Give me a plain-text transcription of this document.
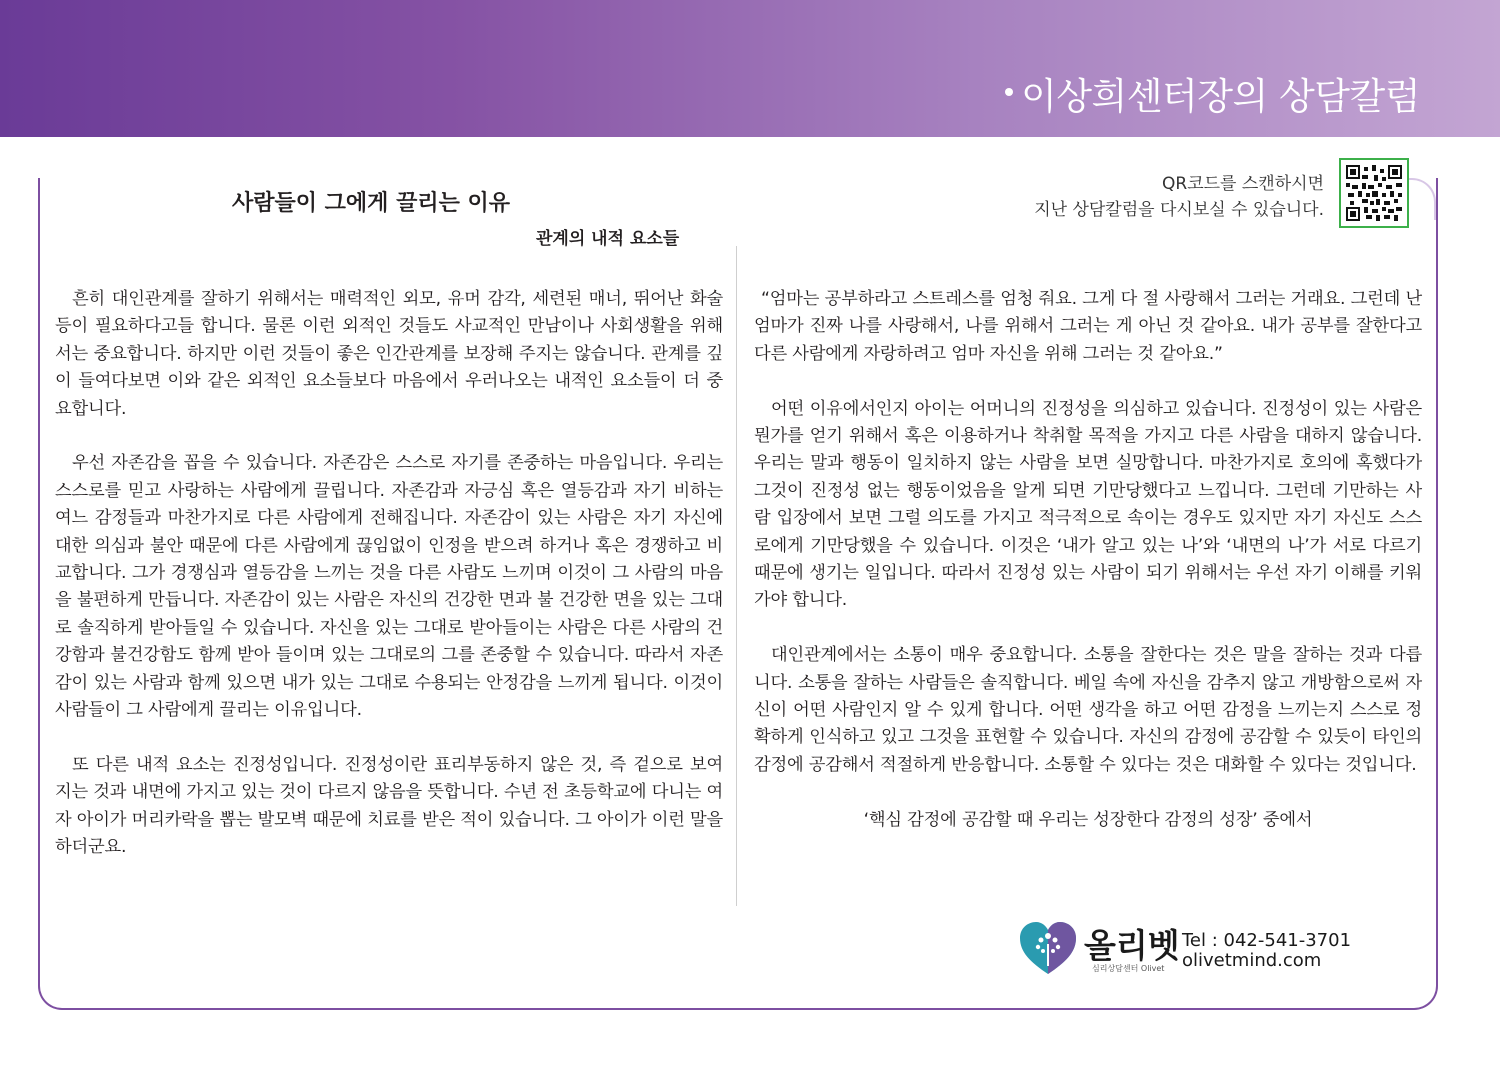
이상희센터장의 상담칼럼
사람들이 그에게 끌리는 이유
관계의 내적 요소들
QR코드를 스캔하시면
지난 상담칼럼을 다시보실 수 있습니다.

흔히 대인관계를 잘하기 위해서는 매력적인 외모, 유머 감각, 세련된 매너, 뛰어난 화술 등이 필요하다고들 합니다. 물론 이런 외적인 것들도 사교적인 만남이나 사회생활을 위해서는 중요합니다. 하지만 이런 것들이 좋은 인간관계를 보장해 주지는 않습니다. 관계를 깊이 들여다보면 이와 같은 외적인 요소들보다 마음에서 우러나오는 내적인 요소들이 더 중요합니다.

우선 자존감을 꼽을 수 있습니다. 자존감은 스스로 자기를 존중하는 마음입니다. 우리는 스스로를 믿고 사랑하는 사람에게 끌립니다. 자존감과 자긍심 혹은 열등감과 자기 비하는 여느 감정들과 마찬가지로 다른 사람에게 전해집니다. 자존감이 있는 사람은 자기 자신에 대한 의심과 불안 때문에 다른 사람에게 끊임없이 인정을 받으려 하거나 혹은 경쟁하고 비교합니다. 그가 경쟁심과 열등감을 느끼는 것을 다른 사람도 느끼며 이것이 그 사람의 마음을 불편하게 만듭니다. 자존감이 있는 사람은 자신의 건강한 면과 불 건강한 면을 있는 그대로 솔직하게 받아들일 수 있습니다. 자신을 있는 그대로 받아들이는 사람은 다른 사람의 건강함과 불건강함도 함께 받아 들이며 있는 그대로의 그를 존중할 수 있습니다. 따라서 자존감이 있는 사람과 함께 있으면 내가 있는 그대로 수용되는 안정감을 느끼게 됩니다. 이것이 사람들이 그 사람에게 끌리는 이유입니다.

또 다른 내적 요소는 진정성입니다. 진정성이란 표리부동하지 않은 것, 즉 겉으로 보여 지는 것과 내면에 가지고 있는 것이 다르지 않음을 뜻합니다. 수년 전 초등학교에 다니는 여자 아이가 머리카락을 뽑는 발모벽 때문에 치료를 받은 적이 있습니다. 그 아이가 이런 말을 하더군요.

“엄마는 공부하라고 스트레스를 엄청 줘요. 그게 다 절 사랑해서 그러는 거래요. 그런데 난 엄마가 진짜 나를 사랑해서, 나를 위해서 그러는 게 아닌 것 같아요. 내가 공부를 잘한다고 다른 사람에게 자랑하려고 엄마 자신을 위해 그러는 것 같아요.”

어떤 이유에서인지 아이는 어머니의 진정성을 의심하고 있습니다. 진정성이 있는 사람은 뭔가를 얻기 위해서 혹은 이용하거나 착취할 목적을 가지고 다른 사람을 대하지 않습니다. 우리는 말과 행동이 일치하지 않는 사람을 보면 실망합니다. 마찬가지로 호의에 혹했다가 그것이 진정성 없는 행동이었음을 알게 되면 기만당했다고 느낍니다. 그런데 기만하는 사람 입장에서 보면 그럴 의도를 가지고 적극적으로 속이는 경우도 있지만 자기 자신도 스스로에게 기만당했을 수 있습니다. 이것은 ‘내가 알고 있는 나’와 ‘내면의 나’가 서로 다르기 때문에 생기는 일입니다. 따라서 진정성 있는 사람이 되기 위해서는 우선 자기 이해를 키워가야 합니다.

대인관계에서는 소통이 매우 중요합니다. 소통을 잘한다는 것은 말을 잘하는 것과 다릅니다. 소통을 잘하는 사람들은 솔직합니다. 베일 속에 자신을 감추지 않고 개방함으로써 자신이 어떤 사람인지 알 수 있게 합니다. 어떤 생각을 하고 어떤 감정을 느끼는지 스스로 정확하게 인식하고 있고 그것을 표현할 수 있습니다. 자신의 감정에 공감할 수 있듯이 타인의 감정에 공감해서 적절하게 반응합니다. 소통할 수 있다는 것은 대화할 수 있다는 것입니다.

‘핵심 감정에 공감할 때 우리는 성장한다 감정의 성장’ 중에서

올리벳
심리상담센터 Olivet
Tel : 042-541-3701
olivetmind.com
